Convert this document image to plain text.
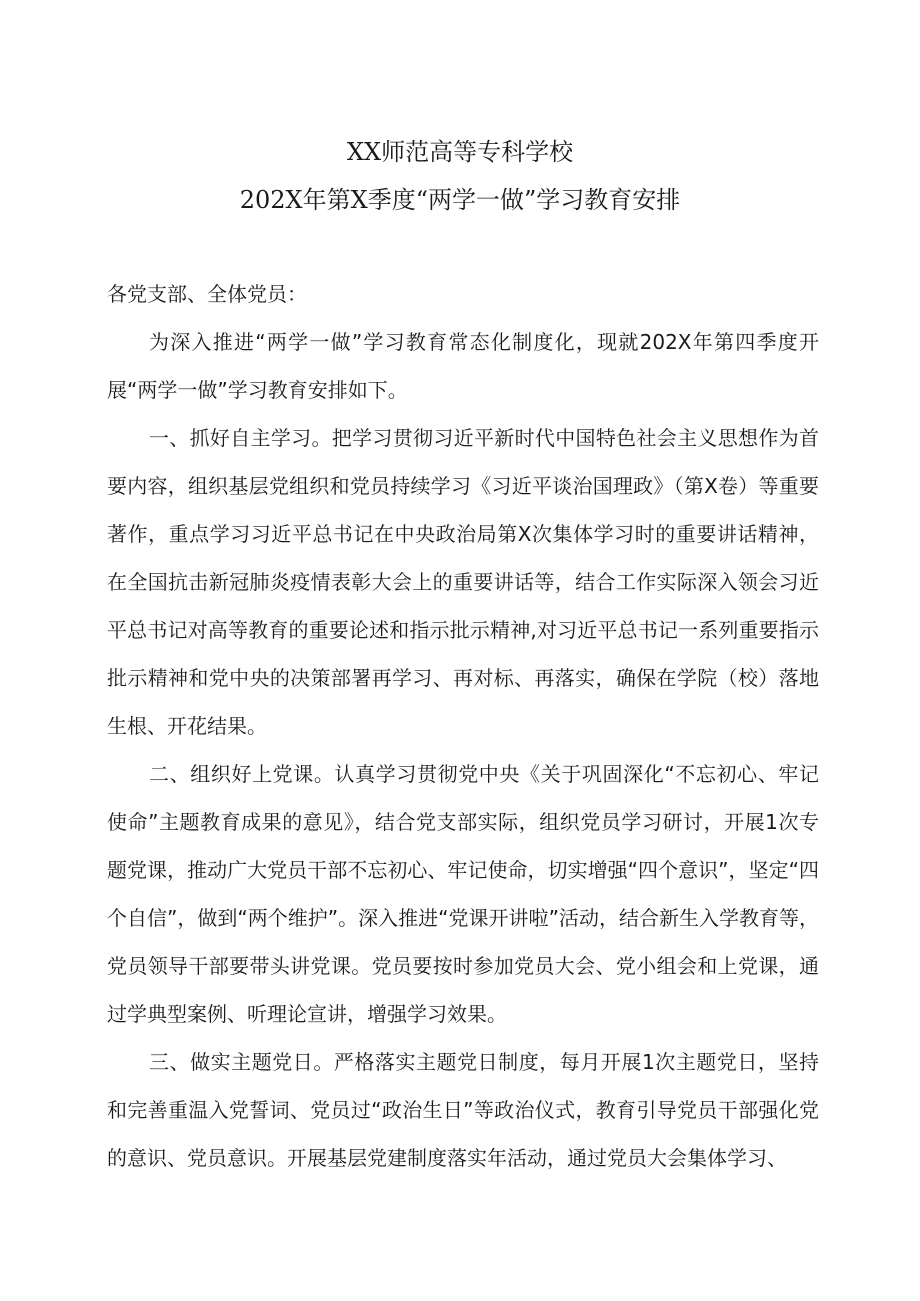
XX师范高等专科学校
202X年第X季度“两学一做”学习教育安排

各党支部、全体党员：

为深入推进“两学一做”学习教育常态化制度化，现就202X年第四季度开展“两学一做”学习教育安排如下。

一、抓好自主学习。把学习贯彻习近平新时代中国特色社会主义思想作为首要内容，组织基层党组织和党员持续学习《习近平谈治国理政》（第X卷）等重要著作，重点学习习近平总书记在中央政治局第X次集体学习时的重要讲话精神，在全国抗击新冠肺炎疫情表彰大会上的重要讲话等，结合工作实际深入领会习近平总书记对高等教育的重要论述和指示批示精神,对习近平总书记一系列重要指示批示精神和党中央的决策部署再学习、再对标、再落实，确保在学院（校）落地生根、开花结果。

二、组织好上党课。认真学习贯彻党中央《关于巩固深化“不忘初心、牢记使命”主题教育成果的意见》，结合党支部实际，组织党员学习研讨，开展1次专题党课，推动广大党员干部不忘初心、牢记使命，切实增强“四个意识”，坚定“四个自信”，做到“两个维护”。深入推进“党课开讲啦”活动，结合新生入学教育等，党员领导干部要带头讲党课。党员要按时参加党员大会、党小组会和上党课，通过学典型案例、听理论宣讲，增强学习效果。

三、做实主题党日。严格落实主题党日制度，每月开展1次主题党日，坚持和完善重温入党誓词、党员过“政治生日”等政治仪式，教育引导党员干部强化党的意识、党员意识。开展基层党建制度落实年活动，通过党员大会集体学习、
